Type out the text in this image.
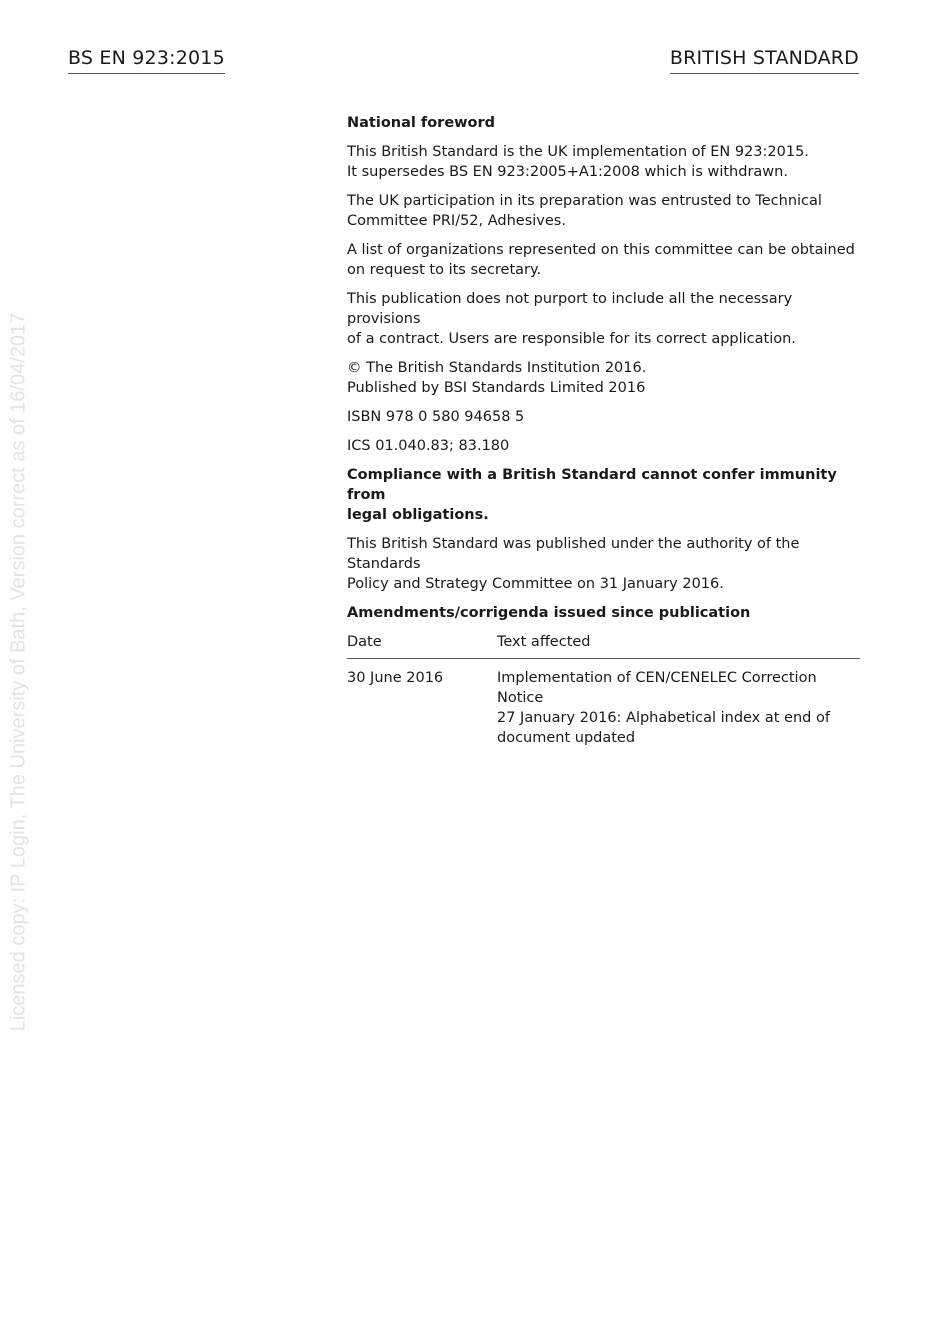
BS EN 923:2015	BRITISH STANDARD
Licensed copy: IP Login, The University of Bath, Version correct as of 16/04/2017

National foreword

This British Standard is the UK implementation of EN 923:2015.
It supersedes BS EN 923:2005+A1:2008 which is withdrawn.

The UK participation in its preparation was entrusted to Technical
Committee PRI/52, Adhesives.

A list of organizations represented on this committee can be obtained
on request to its secretary.

This publication does not purport to include all the necessary provisions
of a contract. Users are responsible for its correct application.

© The British Standards Institution 2016.
Published by BSI Standards Limited 2016

ISBN 978 0 580 94658 5

ICS 01.040.83; 83.180

Compliance with a British Standard cannot confer immunity from
legal obligations.

This British Standard was published under the authority of the Standards
Policy and Strategy Committee on 31 January 2016.

Amendments/corrigenda issued since publication

Date	Text affected
30 June 2016	Implementation of CEN/CENELEC Correction Notice
27 January 2016: Alphabetical index at end of
document updated
